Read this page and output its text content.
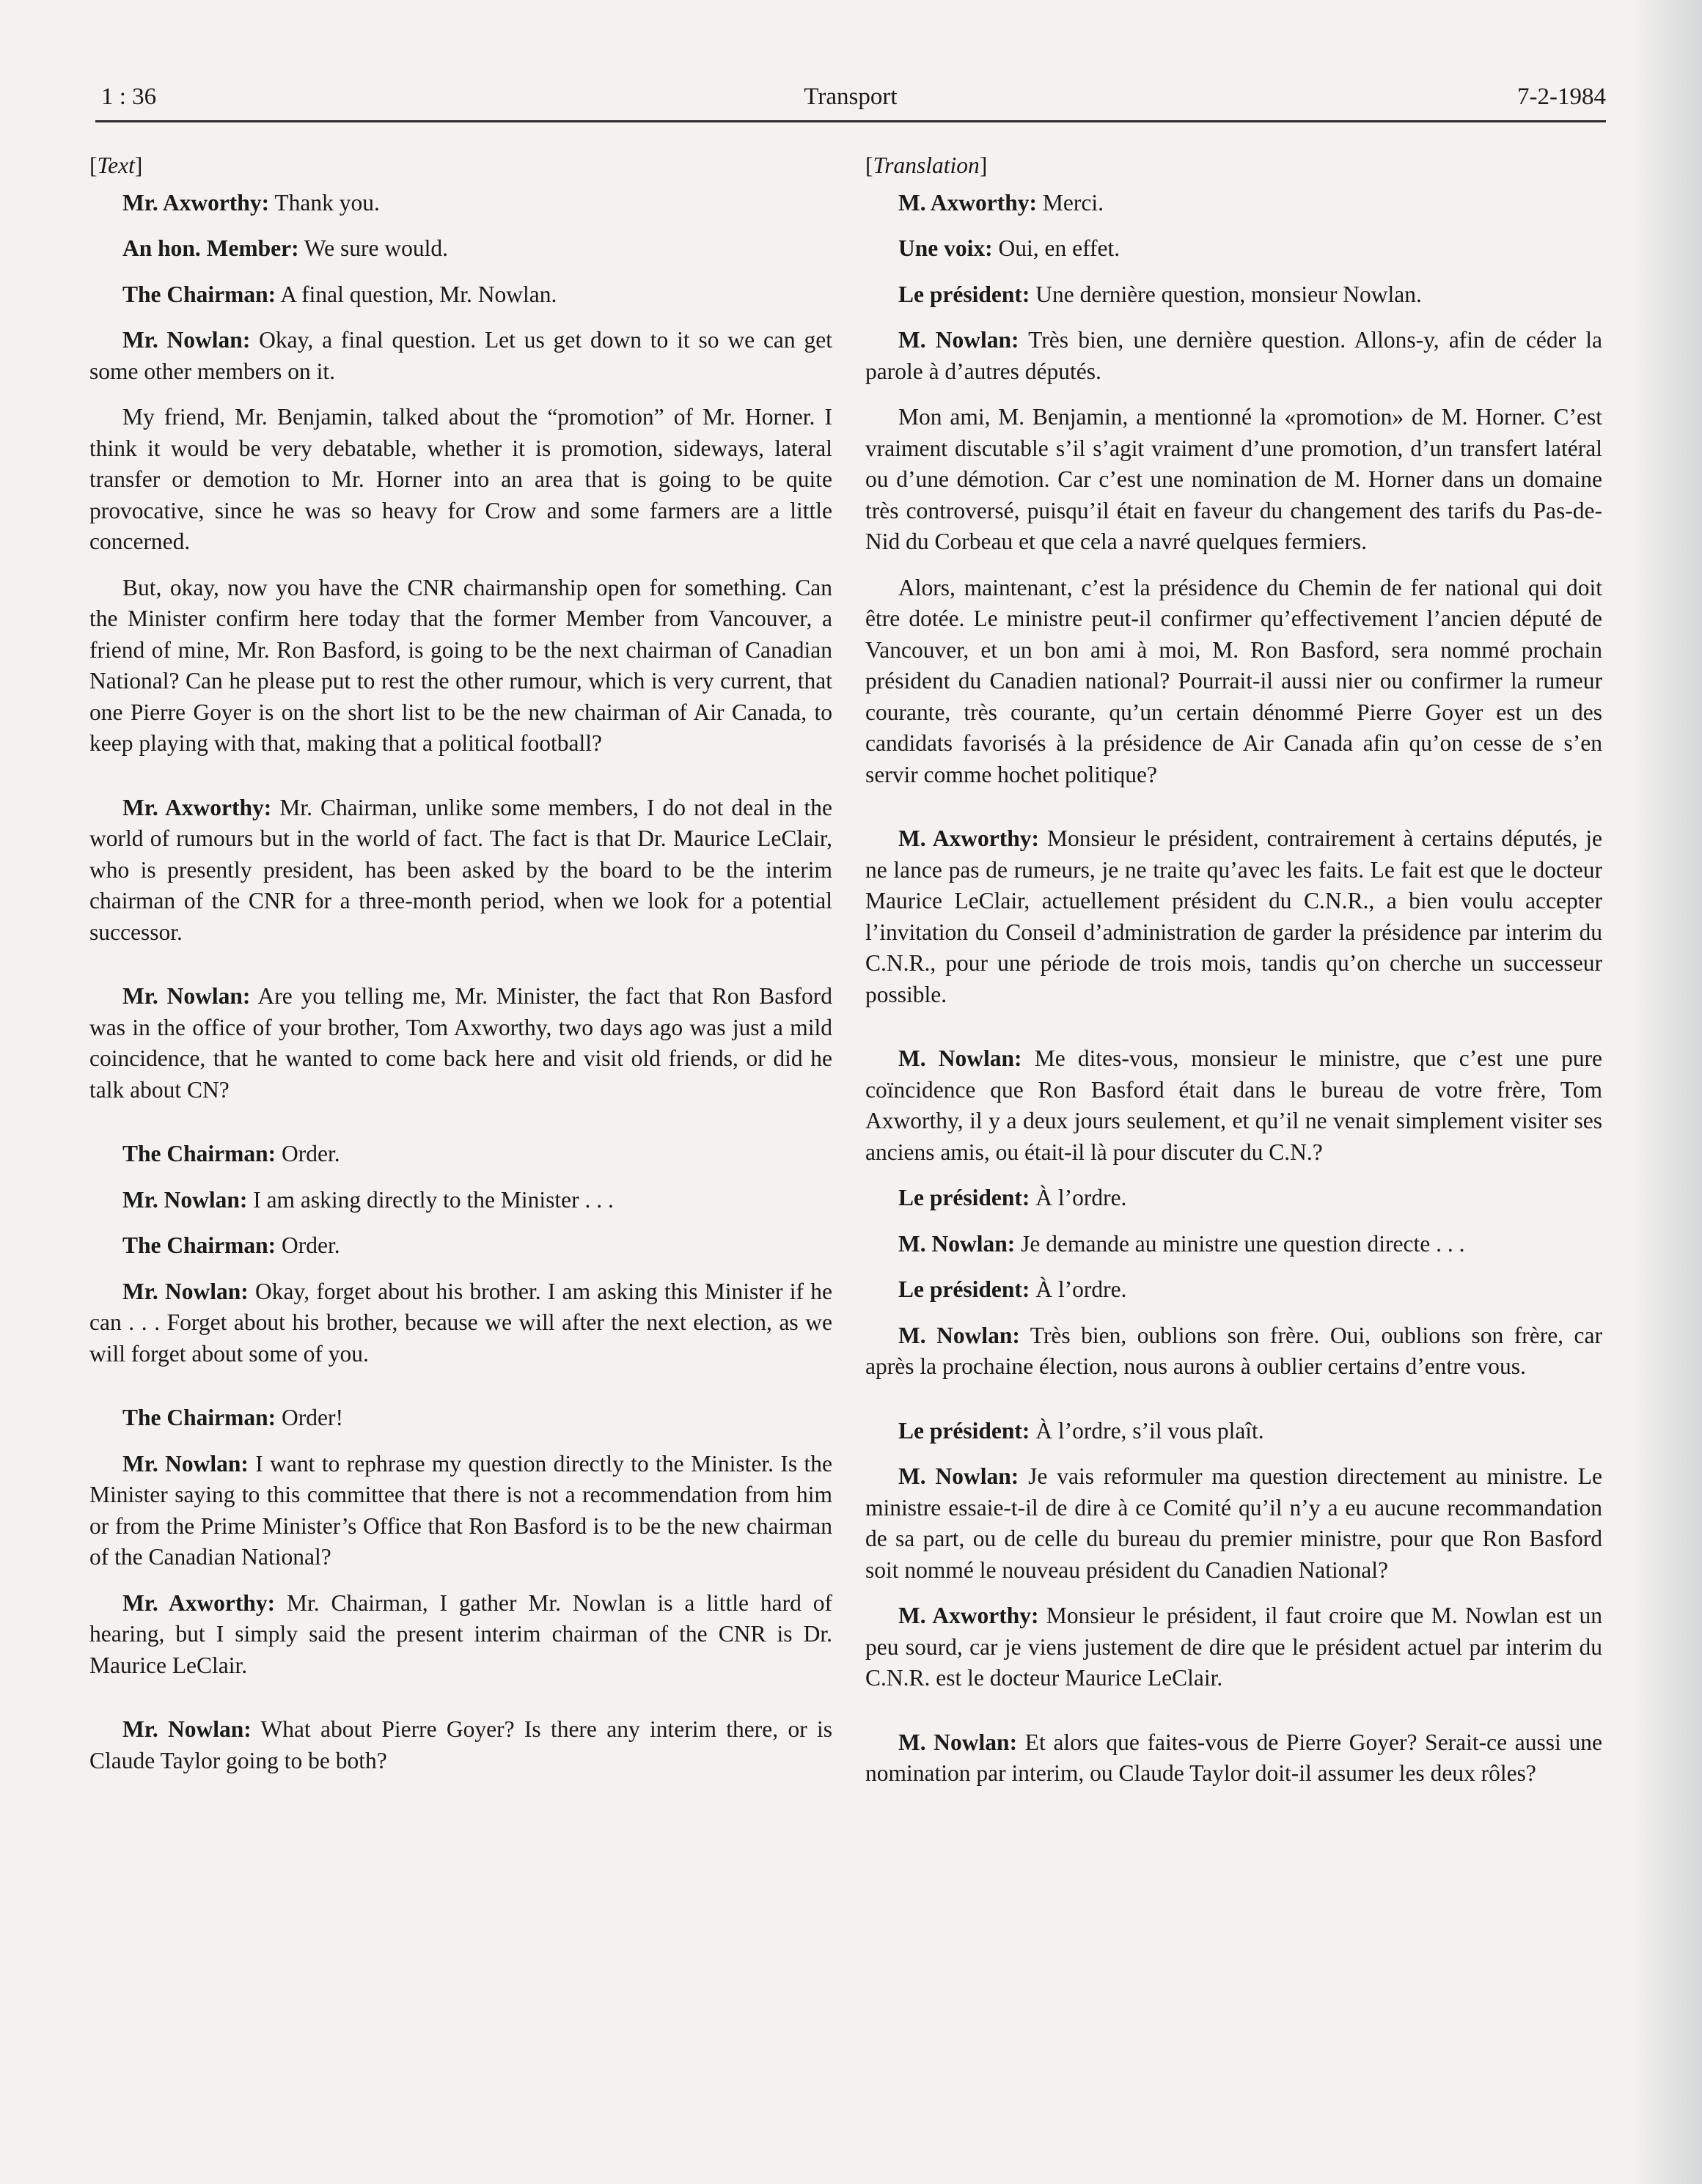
1 : 36	Transport	7-2-1984
[Text]

Mr. Axworthy: Thank you.

An hon. Member: We sure would.

The Chairman: A final question, Mr. Nowlan.

Mr. Nowlan: Okay, a final question. Let us get down to it so we can get some other members on it.

My friend, Mr. Benjamin, talked about the “promotion” of Mr. Horner. I think it would be very debatable, whether it is promotion, sideways, lateral transfer or demotion to Mr. Horner into an area that is going to be quite provocative, since he was so heavy for Crow and some farmers are a little concerned.

But, okay, now you have the CNR chairmanship open for something. Can the Minister confirm here today that the former Member from Vancouver, a friend of mine, Mr. Ron Basford, is going to be the next chairman of Canadian National? Can he please put to rest the other rumour, which is very current, that one Pierre Goyer is on the short list to be the new chairman of Air Canada, to keep playing with that, making that a political football?

Mr. Axworthy: Mr. Chairman, unlike some members, I do not deal in the world of rumours but in the world of fact. The fact is that Dr. Maurice LeClair, who is presently president, has been asked by the board to be the interim chairman of the CNR for a three-month period, when we look for a potential successor.

Mr. Nowlan: Are you telling me, Mr. Minister, the fact that Ron Basford was in the office of your brother, Tom Axworthy, two days ago was just a mild coincidence, that he wanted to come back here and visit old friends, or did he talk about CN?

The Chairman: Order.

Mr. Nowlan: I am asking directly to the Minister . . .

The Chairman: Order.

Mr. Nowlan: Okay, forget about his brother. I am asking this Minister if he can . . . Forget about his brother, because we will after the next election, as we will forget about some of you.

The Chairman: Order!

Mr. Nowlan: I want to rephrase my question directly to the Minister. Is the Minister saying to this committee that there is not a recommendation from him or from the Prime Minister’s Office that Ron Basford is to be the new chairman of the Canadian National?

Mr. Axworthy: Mr. Chairman, I gather Mr. Nowlan is a little hard of hearing, but I simply said the present interim chairman of the CNR is Dr. Maurice LeClair.

Mr. Nowlan: What about Pierre Goyer? Is there any interim there, or is Claude Taylor going to be both?

[Translation]

M. Axworthy: Merci.

Une voix: Oui, en effet.

Le président: Une dernière question, monsieur Nowlan.

M. Nowlan: Très bien, une dernière question. Allons-y, afin de céder la parole à d’autres députés.

Mon ami, M. Benjamin, a mentionné la «promotion» de M. Horner. C’est vraiment discutable s’il s’agit vraiment d’une promotion, d’un transfert latéral ou d’une démotion. Car c’est une nomination de M. Horner dans un domaine très controversé, puisqu’il était en faveur du changement des tarifs du Pas-de-Nid du Corbeau et que cela a navré quelques fermiers.

Alors, maintenant, c’est la présidence du Chemin de fer national qui doit être dotée. Le ministre peut-il confirmer qu’effectivement l’ancien député de Vancouver, et un bon ami à moi, M. Ron Basford, sera nommé prochain président du Canadien national? Pourrait-il aussi nier ou confirmer la rumeur courante, très courante, qu’un certain dénommé Pierre Goyer est un des candidats favorisés à la présidence de Air Canada afin qu’on cesse de s’en servir comme hochet politique?

M. Axworthy: Monsieur le président, contrairement à certains députés, je ne lance pas de rumeurs, je ne traite qu’avec les faits. Le fait est que le docteur Maurice LeClair, actuellement président du C.N.R., a bien voulu accepter l’invitation du Conseil d’administration de garder la présidence par interim du C.N.R., pour une période de trois mois, tandis qu’on cherche un successeur possible.

M. Nowlan: Me dites-vous, monsieur le ministre, que c’est une pure coïncidence que Ron Basford était dans le bureau de votre frère, Tom Axworthy, il y a deux jours seulement, et qu’il ne venait simplement visiter ses anciens amis, ou était-il là pour discuter du C.N.?

Le président: À l’ordre.

M. Nowlan: Je demande au ministre une question directe . . .

Le président: À l’ordre.

M. Nowlan: Très bien, oublions son frère. Oui, oublions son frère, car après la prochaine élection, nous aurons à oublier certains d’entre vous.

Le président: À l’ordre, s’il vous plaît.

M. Nowlan: Je vais reformuler ma question directement au ministre. Le ministre essaie-t-il de dire à ce Comité qu’il n’y a eu aucune recommandation de sa part, ou de celle du bureau du premier ministre, pour que Ron Basford soit nommé le nouveau président du Canadien National?

M. Axworthy: Monsieur le président, il faut croire que M. Nowlan est un peu sourd, car je viens justement de dire que le président actuel par interim du C.N.R. est le docteur Maurice LeClair.

M. Nowlan: Et alors que faites-vous de Pierre Goyer? Serait-ce aussi une nomination par interim, ou Claude Taylor doit-il assumer les deux rôles?
